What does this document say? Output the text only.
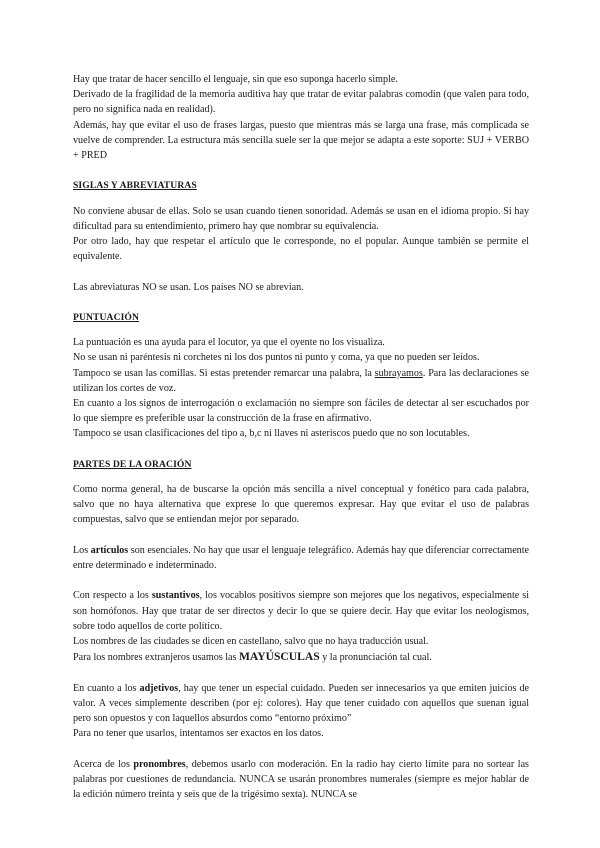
Hay que tratar de hacer sencillo el lenguaje, sin que eso suponga hacerlo simple.

Derivado de la fragilidad de la memoria auditiva hay que tratar de evitar palabras comodín (que valen para todo, pero no significa nada en realidad).

Además, hay que evitar el uso de frases largas, puesto que mientras más se larga una frase, más complicada se vuelve de comprender. La estructura más sencilla suele ser la que mejor se adapta a este soporte: SUJ + VERBO + PRED

SIGLAS Y ABREVIATURAS

No conviene abusar de ellas. Solo se usan cuando tienen sonoridad. Además se usan en el idioma propio. Si hay dificultad para su entendimiento, primero hay que nombrar su equivalencia.

Por otro lado, hay que respetar el artículo que le corresponde, no el popular. Aunque también se permite el equivalente.

Las abreviaturas NO se usan. Los países NO se abrevian.

PUNTUACIÓN

La puntuación es una ayuda para el locutor, ya que el oyente no los visualiza.

No se usan ni paréntesis ni corchetes ni los dos puntos ni punto y coma, ya que no pueden ser leídos.

Tampoco se usan las comillas. Si estas pretender remarcar una palabra, la subrayamos. Para las declaraciones se utilizan los cortes de voz.

En cuanto a los signos de interrogación o exclamación no siempre son fáciles de detectar al ser escuchados por lo que siempre es preferible usar la construcción de la frase en afirmativo.

Tampoco se usan clasificaciones del tipo a, b,c ni llaves ni asteriscos puedo que no son locutables.

PARTES DE LA ORACIÓN

Como norma general, ha de buscarse la opción más sencilla a nivel conceptual y fonético para cada palabra, salvo que no haya alternativa que exprese lo que queremos expresar. Hay que evitar el uso de palabras compuestas, salvo que se entiendan mejor por separado.

Los artículos son esenciales. No hay que usar el lenguaje telegráfico. Además hay que diferenciar correctamente entre determinado e indeterminado.

Con respecto a los sustantivos, los vocablos positivos siempre son mejores que los negativos, especialmente si son homófonos. Hay que tratar de ser directos y decir lo que se quiere decir. Hay que evitar los neologismos, sobre todo aquellos de corte político.

Los nombres de las ciudades se dicen en castellano, salvo que no haya traducción usual.

Para los nombres extranjeros usamos las MAYÚSCULAS y la pronunciación tal cual.

En cuanto a los adjetivos, hay que tener un especial cuidado. Pueden ser innecesarios ya que emiten juicios de valor. A veces simplemente describen (por ej: colores). Hay que tener cuidado con aquellos que suenan igual pero son opuestos y con laquellos absurdos como “entorno próximo”

Para no tener que usarlos, intentamos ser exactos en los datos.

Acerca de los pronombres, debemos usarlo con moderación. En la radio hay cierto límite para no sortear las palabras por cuestiones de redundancia. NUNCA se usarán pronombres numerales (siempre es mejor hablar de la edición número treinta y seis que de la trigésimo sexta). NUNCA se
